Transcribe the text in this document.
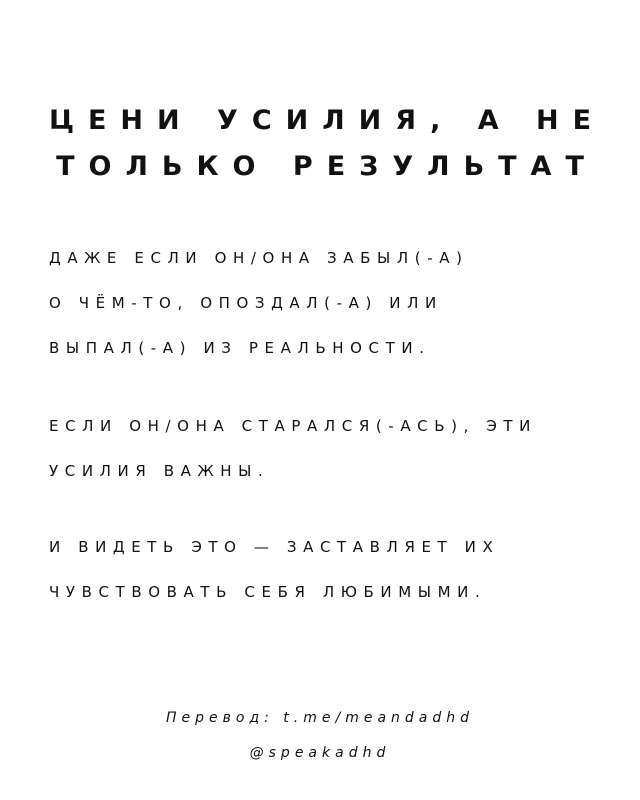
ЦЕНИ УСИЛИЯ, А НЕ
ТОЛЬКО РЕЗУЛЬТАТ
ДАЖЕ ЕСЛИ ОН/ОНА ЗАБЫЛ(-А)
О ЧЁМ-ТО, ОПОЗДАЛ(-А) ИЛИ
ВЫПАЛ(-А) ИЗ РЕАЛЬНОСТИ.
ЕСЛИ ОН/ОНА СТАРАЛСЯ(-АСЬ), ЭТИ
УСИЛИЯ ВАЖНЫ.
И ВИДЕТЬ ЭТО — ЗАСТАВЛЯЕТ ИХ
ЧУВСТВОВАТЬ СЕБЯ ЛЮБИМЫМИ.
Перевод: t.me/meandadhd
@speakadhd
